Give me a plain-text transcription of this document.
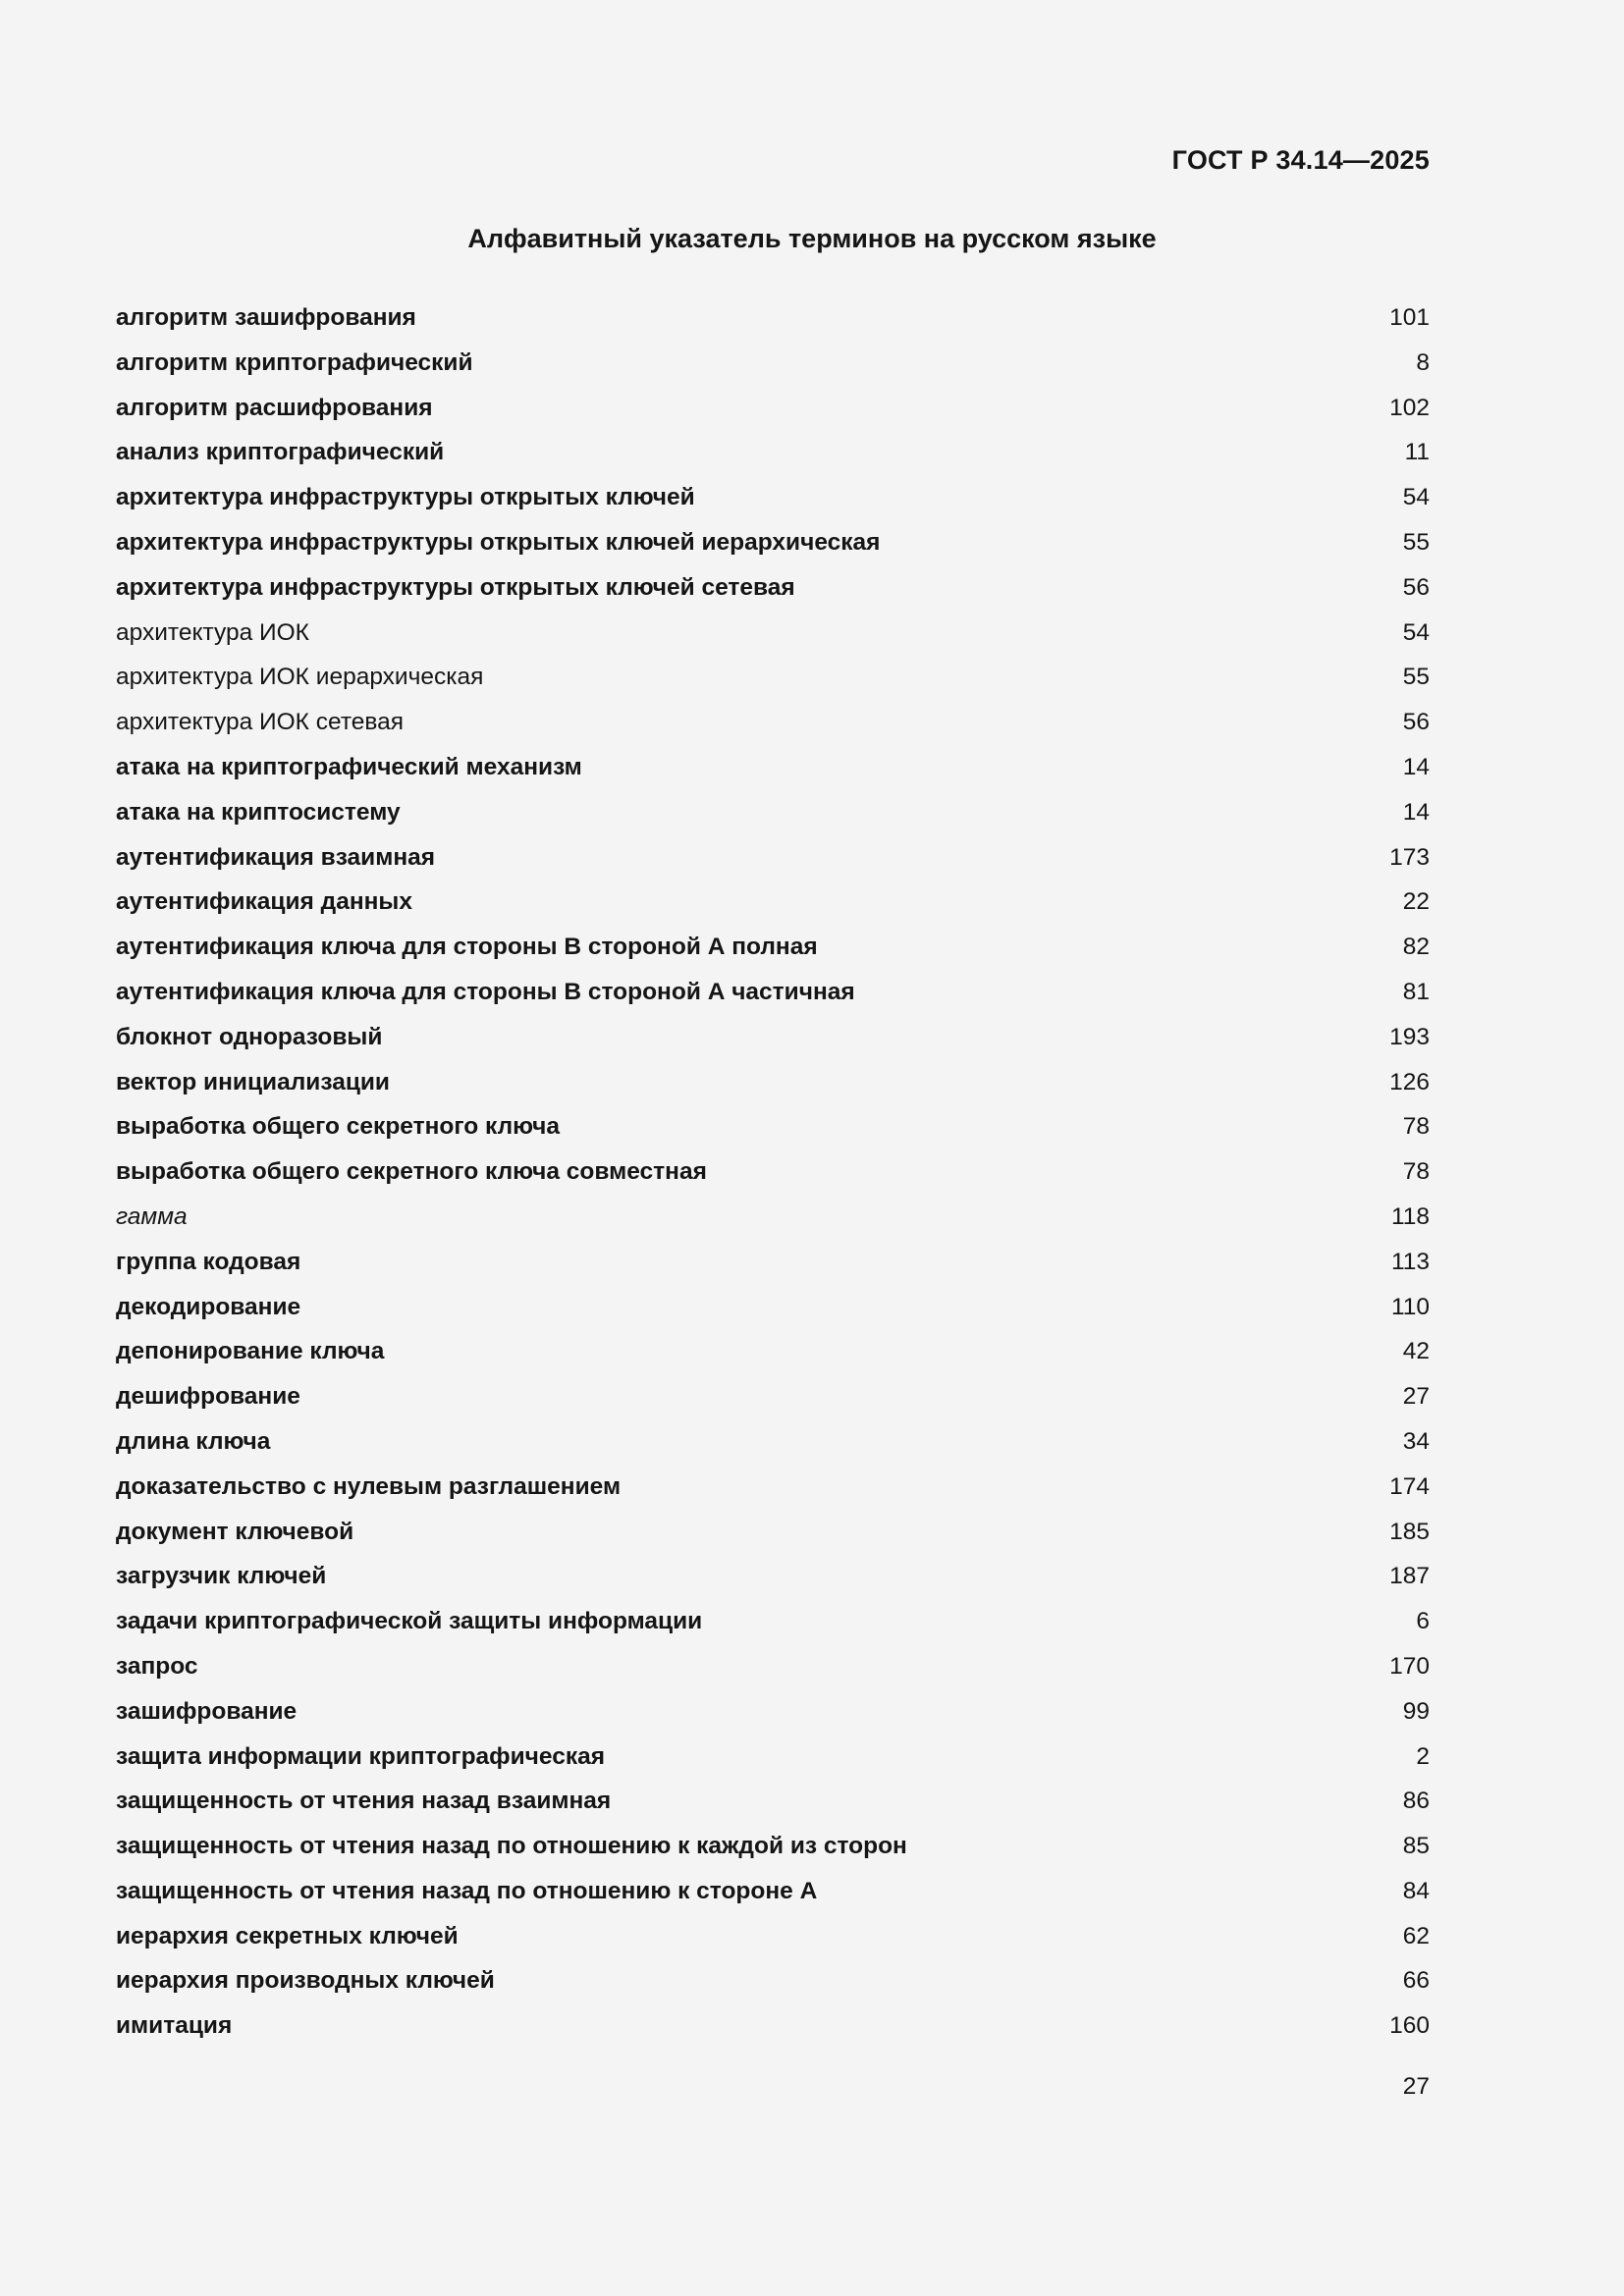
ГОСТ Р 34.14—2025
Алфавитный указатель терминов на русском языке
алгоритм зашифрования	101
алгоритм криптографический	8
алгоритм расшифрования	102
анализ криптографический	11
архитектура инфраструктуры открытых ключей	54
архитектура инфраструктуры открытых ключей иерархическая	55
архитектура инфраструктуры открытых ключей сетевая	56
архитектура ИОК	54
архитектура ИОК иерархическая	55
архитектура ИОК сетевая	56
атака на криптографический механизм	14
атака на криптосистему	14
аутентификация взаимная	173
аутентификация данных	22
аутентификация ключа для стороны В стороной А полная	82
аутентификация ключа для стороны В стороной А частичная	81
блокнот одноразовый	193
вектор инициализации	126
выработка общего секретного ключа	78
выработка общего секретного ключа совместная	78
гамма	118
группа кодовая	113
декодирование	110
депонирование ключа	42
дешифрование	27
длина ключа	34
доказательство с нулевым разглашением	174
документ ключевой	185
загрузчик ключей	187
задачи криптографической защиты информации	6
запрос	170
зашифрование	99
защита информации криптографическая	2
защищенность от чтения назад взаимная	86
защищенность от чтения назад по отношению к каждой из сторон	85
защищенность от чтения назад по отношению к стороне А	84
иерархия секретных ключей	62
иерархия производных ключей	66
имитация	160
27
